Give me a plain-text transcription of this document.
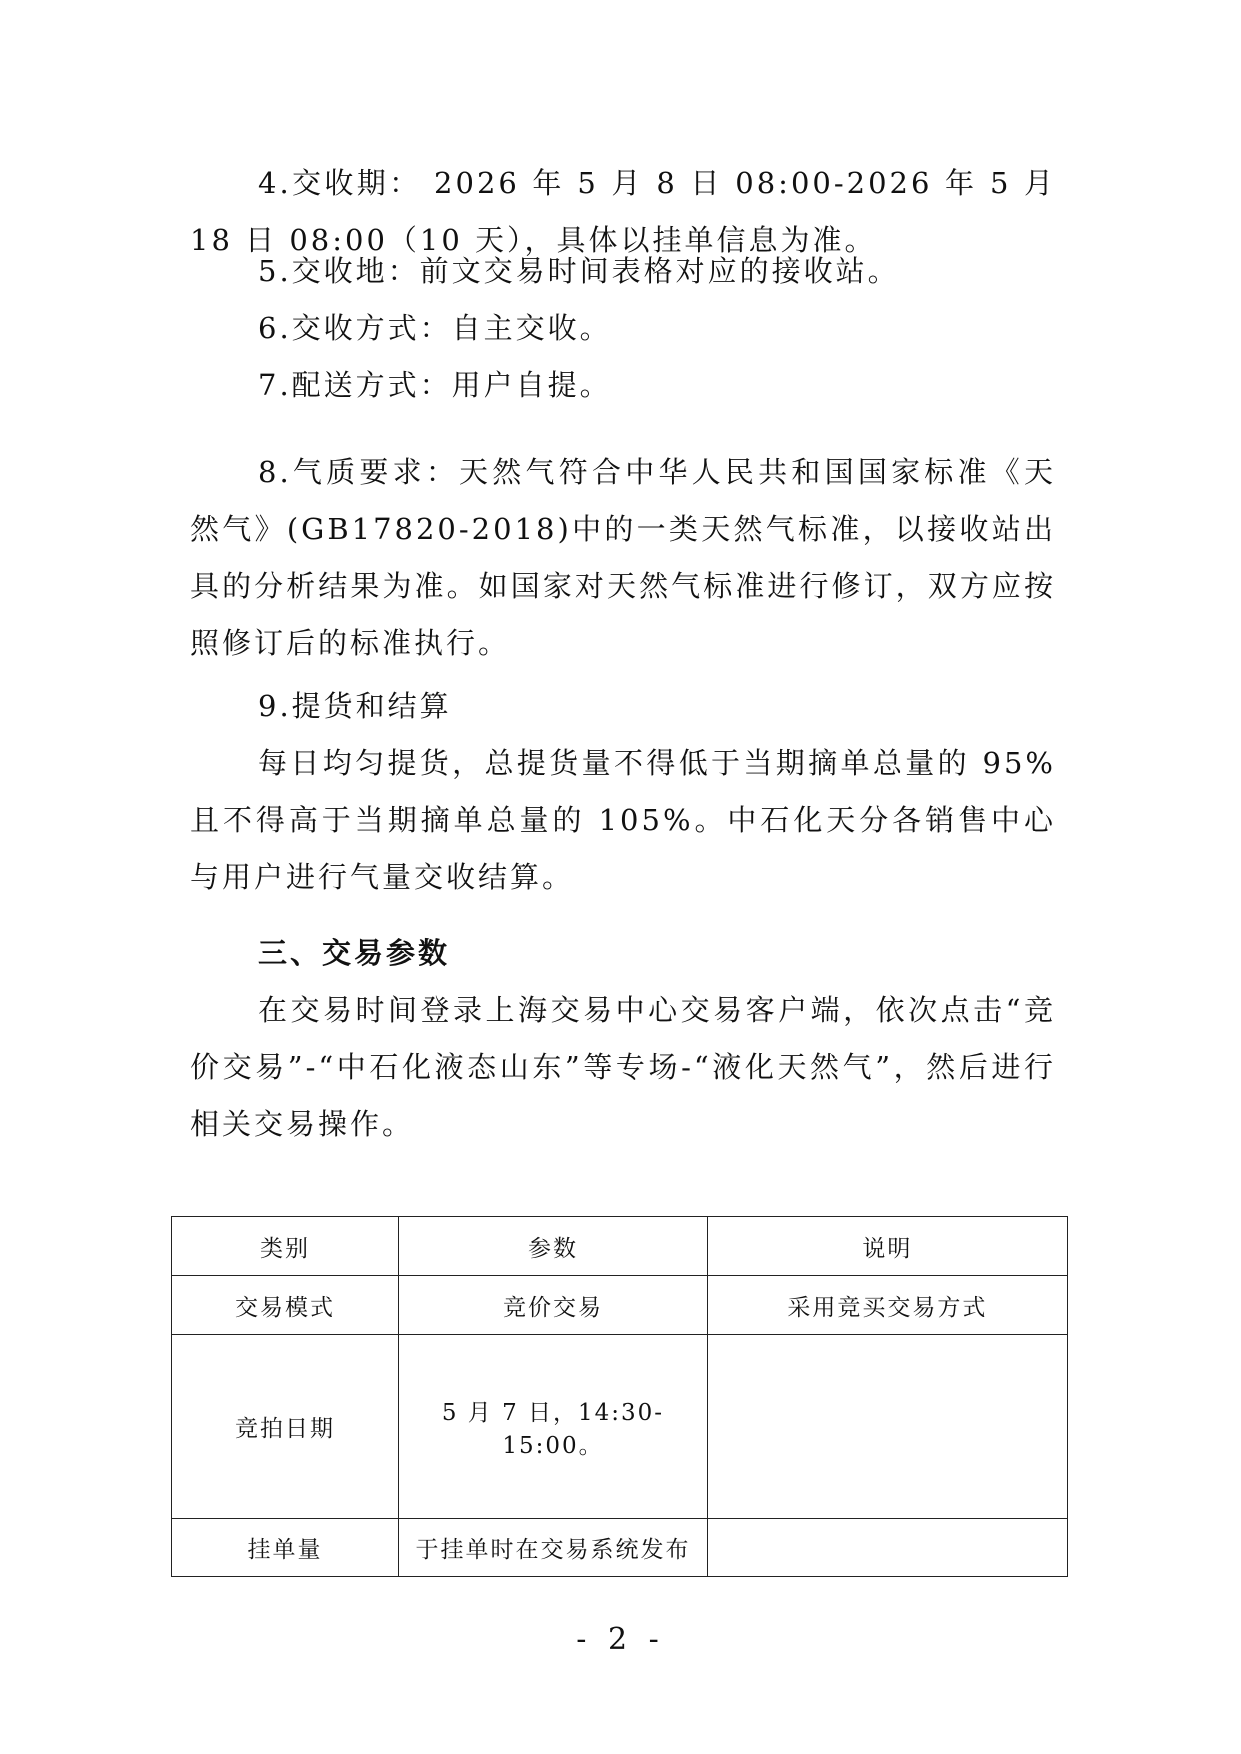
4.交收期： 2026 年 5 月 8 日 08:00-2026 年 5 月 18 日 08:00（10 天），具体以挂单信息为准。

5.交收地：前文交易时间表格对应的接收站。

6.交收方式：自主交收。

7.配送方式：用户自提。

8.气质要求：天然气符合中华人民共和国国家标准《天然气》(GB17820-2018)中的一类天然气标准，以接收站出具的分析结果为准。如国家对天然气标准进行修订，双方应按照修订后的标准执行。

9.提货和结算

每日均匀提货，总提货量不得低于当期摘单总量的 95% 且不得高于当期摘单总量的 105%。中石化天分各销售中心与用户进行气量交收结算。

三、交易参数

在交易时间登录上海交易中心交易客户端，依次点击“竞价交易”-“中石化液态山东”等专场-“液化天然气”，然后进行相关交易操作。

类别	参数	说明
交易模式	竞价交易	采用竞买交易方式
竞拍日期	5 月 7 日，14:30-15:00。	
挂单量	于挂单时在交易系统发布	
- 2 -
